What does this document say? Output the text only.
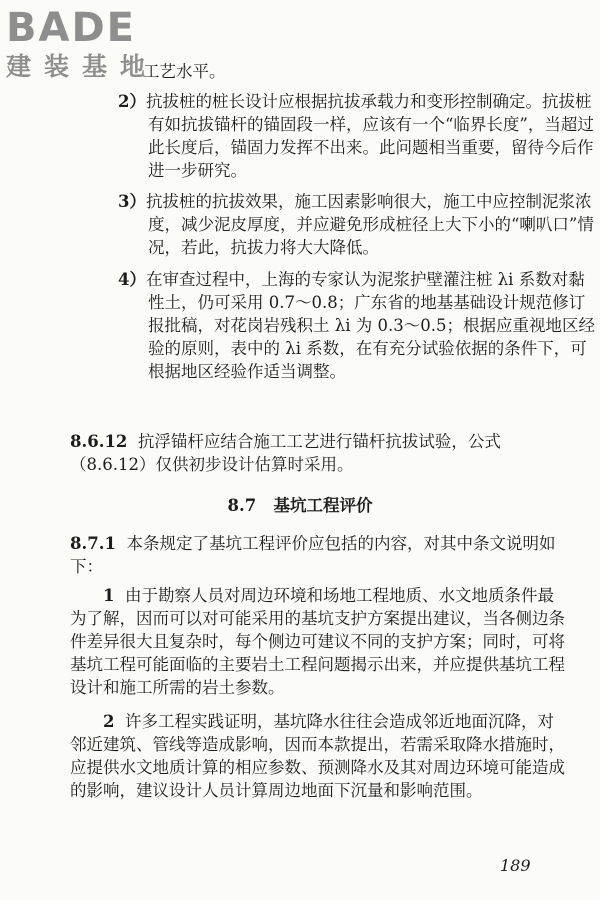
BADE
建装基地

工艺水平。

2）抗拔桩的桩长设计应根据抗拔承载力和变形控制确定。抗拔桩有如抗拔锚杆的锚固段一样，应该有一个“临界长度”，当超过此长度后，锚固力发挥不出来。此问题相当重要，留待今后作进一步研究。

3）抗拔桩的抗拔效果，施工因素影响很大，施工中应控制泥浆浓度，减少泥皮厚度，并应避免形成桩径上大下小的“喇叭口”情况，若此，抗拔力将大大降低。

4）在审查过程中，上海的专家认为泥浆护壁灌注桩 λi 系数对黏性土，仍可采用 0.7～0.8；广东省的地基基础设计规范修订报批稿，对花岗岩残积土 λi 为 0.3～0.5；根据应重视地区经验的原则，表中的 λi 系数，在有充分试验依据的条件下，可根据地区经验作适当调整。

8.6.12 抗浮锚杆应结合施工工艺进行锚杆抗拔试验，公式（8.6.12）仅供初步设计估算时采用。

8.7 基坑工程评价

8.7.1 本条规定了基坑工程评价应包括的内容，对其中条文说明如下：

1 由于勘察人员对周边环境和场地工程地质、水文地质条件最为了解，因而可以对可能采用的基坑支护方案提出建议，当各侧边条件差异很大且复杂时，每个侧边可建议不同的支护方案；同时，可将基坑工程可能面临的主要岩土工程问题揭示出来，并应提供基坑工程设计和施工所需的岩土参数。

2 许多工程实践证明，基坑降水往往会造成邻近地面沉降，对邻近建筑、管线等造成影响，因而本款提出，若需采取降水措施时，应提供水文地质计算的相应参数、预测降水及其对周边环境可能造成的影响，建议设计人员计算周边地面下沉量和影响范围。

189
